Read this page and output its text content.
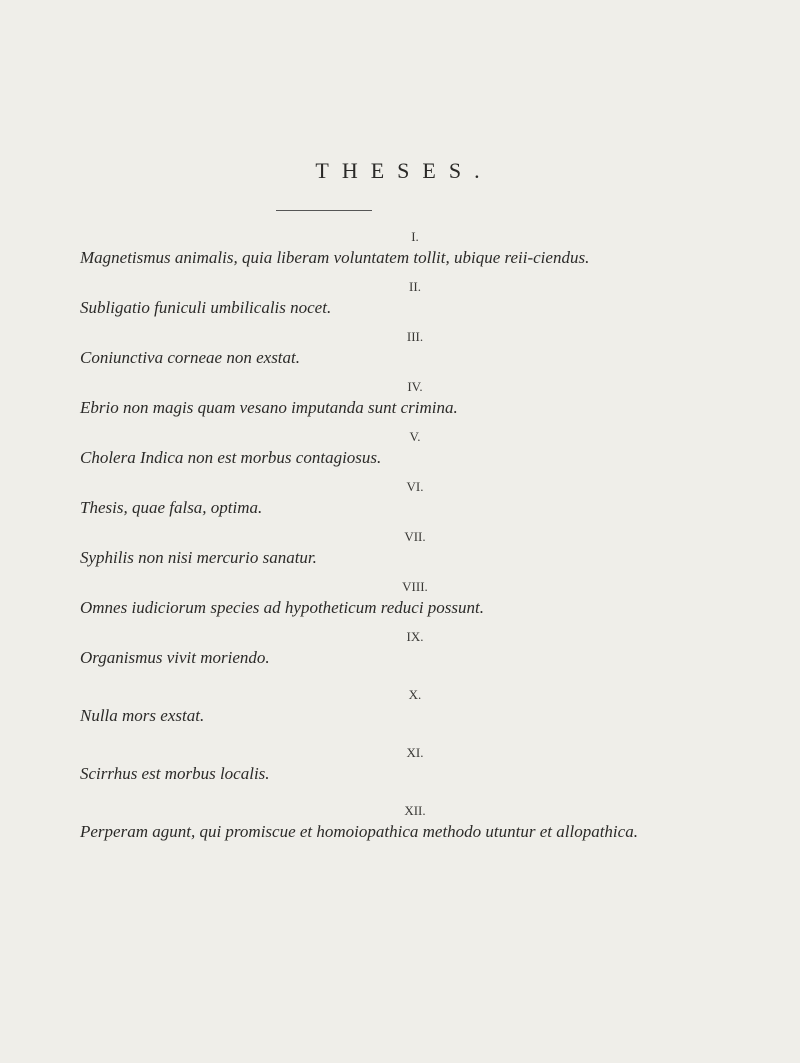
THESES.
I.
Magnetismus animalis, quia liberam voluntatem tollit, ubique reii-ciendus.
II.
Subligatio funiculi umbilicalis nocet.
III.
Coniunctiva corneae non exstat.
IV.
Ebrio non magis quam vesano imputanda sunt crimina.
V.
Cholera Indica non est morbus contagiosus.
VI.
Thesis, quae falsa, optima.
VII.
Syphilis non nisi mercurio sanatur.
VIII.
Omnes iudiciorum species ad hypotheticum reduci possunt.
IX.
Organismus vivit moriendo.
X.
Nulla mors exstat.
XI.
Scirrhus est morbus localis.
XII.
Perperam agunt, qui promiscue et homoiopathica methodo utuntur et allopathica.
